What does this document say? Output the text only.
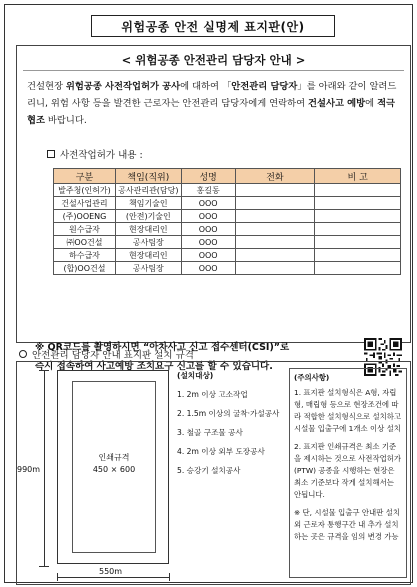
위험공종 안전 실명제 표지판(안)
< 위험공종 안전관리 담당자 안내 >
건설현장 위험공종 사전작업허가 공사에 대하여 「안전관리 담당자」를 아래와 같이 알려드리니, 위험 사항 등을 발견한 근로자는 안전관리 담당자에게 연락하여 건설사고 예방에 적극 협조 바랍니다.
사전작업허가 내용 :
구분	책임(직위)	성명	전화	비 고
발주청(인허가)	공사관리관(담당)	홍길동		
건설사업관리	책임기술인	OOO		
(주)OOENG	(안전)기술인	OOO		
원수급자	현장대리인	OOO		
㈜OO건설	공사팀장	OOO		
하수급자	현장대리인	OOO		
(합)OO건설	공사팀장	OOO		
※ QR코드를 촬영하시면 “아차사고 신고 접수센터(CSI)”로
즉시 접속하여 사고예방 조치요구 신고를 할 수 있습니다.
안전관리 담당자 안내 표지판 설치 규격
990m
인쇄규격
450 × 600
550m
(설치대상)
1. 2m 이상 고소작업
2. 1.5m 이상의 굴착·가설공사
3. 철골 구조물 공사
4. 2m 이상 외부 도장공사
5. 승강기 설치공사
(주의사항)

1. 표지판 설치형식은 A형, 자립형, 매립형 등으로 현장조건에 따라 적합한 설치형식으로 설치하고 시설물 입출구에 1개소 이상 설치

2. 표지판 인쇄규격은 최소 기준을 제시하는 것으로 사전작업허가(PTW) 공종을 시행하는 현장은 최소 기준보다 작게 설치해서는 안됩니다.

※ 단, 시설물 입출구 안내판 설치 외 근로자 통행구간 내 추가 설치하는 곳은 규격을 임의 변경 가능
